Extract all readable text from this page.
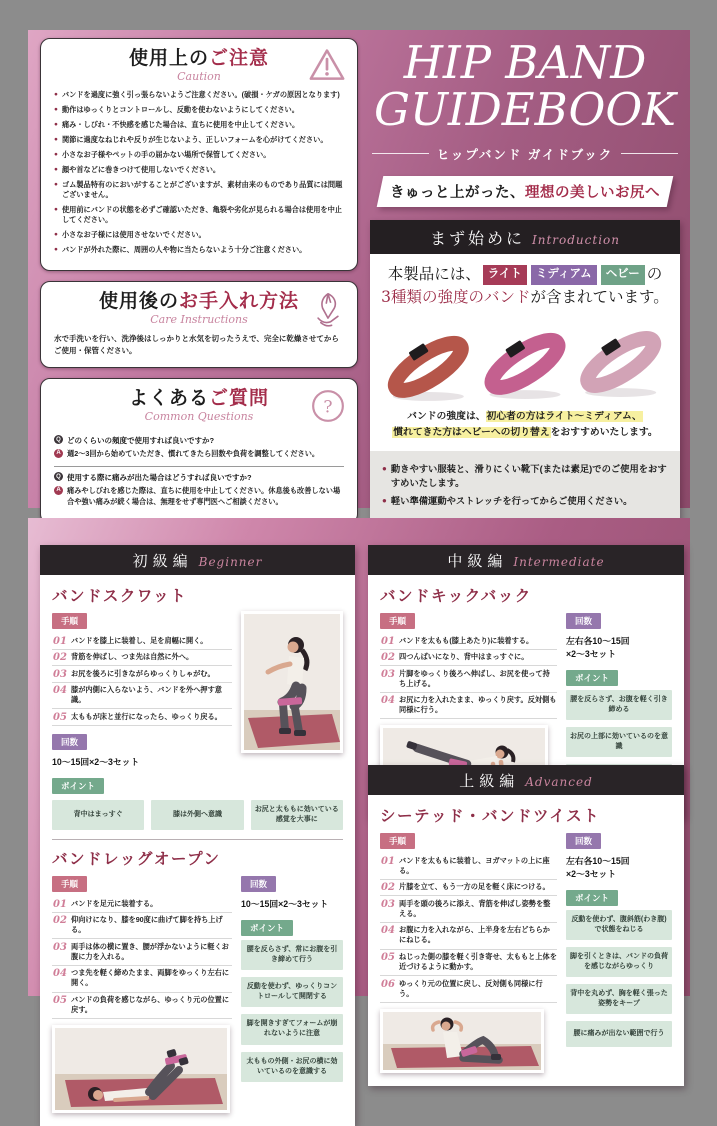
使用上のご注意
Caution
● バンドを過度に強く引っ張らないようご注意ください。(破損・ケガの原因となります)
● 動作はゆっくりとコントロールし、反動を使わないようにしてください。
● 痛み・しびれ・不快感を感じた場合は、直ちに使用を中止してください。
● 関節に過度なねじれや反りが生じないよう、正しいフォームを心がけてください。
● 小さなお子様やペットの手の届かない場所で保管してください。
● 顔や首などに巻きつけて使用しないでください。
● ゴム製品特有のにおいがすることがございますが、素材由来のものであり品質には問題ございません。
● 使用前にバンドの状態を必ずご確認いただき、亀裂や劣化が見られる場合は使用を中止してください。
● 小さなお子様には使用させないでください。
● バンドが外れた際に、周囲の人や物に当たらないよう十分ご注意ください。
使用後のお手入れ方法
Care Instructions

水で手洗いを行い、洗浄後はしっかりと水気を切ったうえで、完全に乾燥させてからご使用・保管ください。

?
よくあるご質問
Common Questions
Q どのくらいの頻度で使用すれば良いですか?
A 週2〜3回から始めていただき、慣れてきたら回数や負荷を調整してください。
Q 使用する際に痛みが出た場合はどうすれば良いですか?
A 痛みやしびれを感じた際は、直ちに使用を中止してください。休息後も改善しない場合や強い痛みが続く場合は、無理をせず専門医へご相談ください。
HIP BAND
GUIDEBOOK
ヒップバンド ガイドブック
きゅっと上がった、理想の美しいお尻へ
まず始めに Introduction
本製品には、 ライト ミディアム ヘビー の
3種類の強度のバンドが含まれています。
バンドの強度は、初心者の方はライト〜ミディアム、
慣れてきた方はヘビーへの切り替えをおすすめいたします。
● 動きやすい服装と、滑りにくい靴下(または素足)でのご使用をおすすめいたします。
● 軽い準備運動やストレッチを行ってからご使用ください。
初級編 Beginner
バンドスクワット
手順
01 バンドを膝上に装着し、足を肩幅に開く。
02 背筋を伸ばし、つま先は自然に外へ。
03 お尻を後ろに引きながらゆっくりしゃがむ。
04 膝が内側に入らないよう、バンドを外へ押す意識。
05 太ももが床と並行になったら、ゆっくり戻る。
回数
10〜15回×2〜3セット
ポイント
背中はまっすぐ	膝は外側へ意識
お尻と太ももに効いている感覚を大事に
バンドレッグオープン
手順
01 バンドを足元に装着する。
02 仰向けになり、膝を90度に曲げて脚を持ち上げる。
03 両手は体の横に置き、腰が浮かないように軽くお腹に力を入れる。
04 つま先を軽く締めたまま、両脚をゆっくり左右に開く。
05 バンドの負荷を感じながら、ゆっくり元の位置に戻す。
回数
10〜15回×2〜3セット
ポイント
腰を反らさず、常にお腹を引き締めて行う
反動を使わず、ゆっくりコントロールして開閉する
脚を開きすぎてフォームが崩れないように注意
太ももの外側・お尻の横に効いているのを意識する
中級編 Intermediate
バンドキックバック
手順
01 バンドを太もも(膝上あたり)に装着する。
02 四つんばいになり、背中はまっすぐに。
03 片脚をゆっくり後ろへ伸ばし、お尻を使って持ち上げる。
04 お尻に力を入れたまま、ゆっくり戻す。反対側も同様に行う。
回数
左右各10〜15回
×2〜3セット
ポイント
腰を反らさず、お腹を軽く引き締める
お尻の上部に効いているのを意識
上級編 Advanced
シーテッド・バンドツイスト
手順
01 バンドを太ももに装着し、ヨガマットの上に座る。
02 片膝を立て、もう一方の足を軽く床につける。
03 両手を頭の後ろに添え、背筋を伸ばし姿勢を整える。
04 お腹に力を入れながら、上半身を左右どちらかにねじる。
05 ねじった側の膝を軽く引き寄せ、太ももと上体を近づけるように動かす。
06 ゆっくり元の位置に戻し、反対側も同様に行う。
回数
左右各10〜15回
×2〜3セット
ポイント
反動を使わず、腹斜筋(わき腹)で状態をねじる
脚を引くときは、バンドの負荷を感じながらゆっくり
背中を丸めず、胸を軽く張った姿勢をキープ
腰に痛みが出ない範囲で行う
